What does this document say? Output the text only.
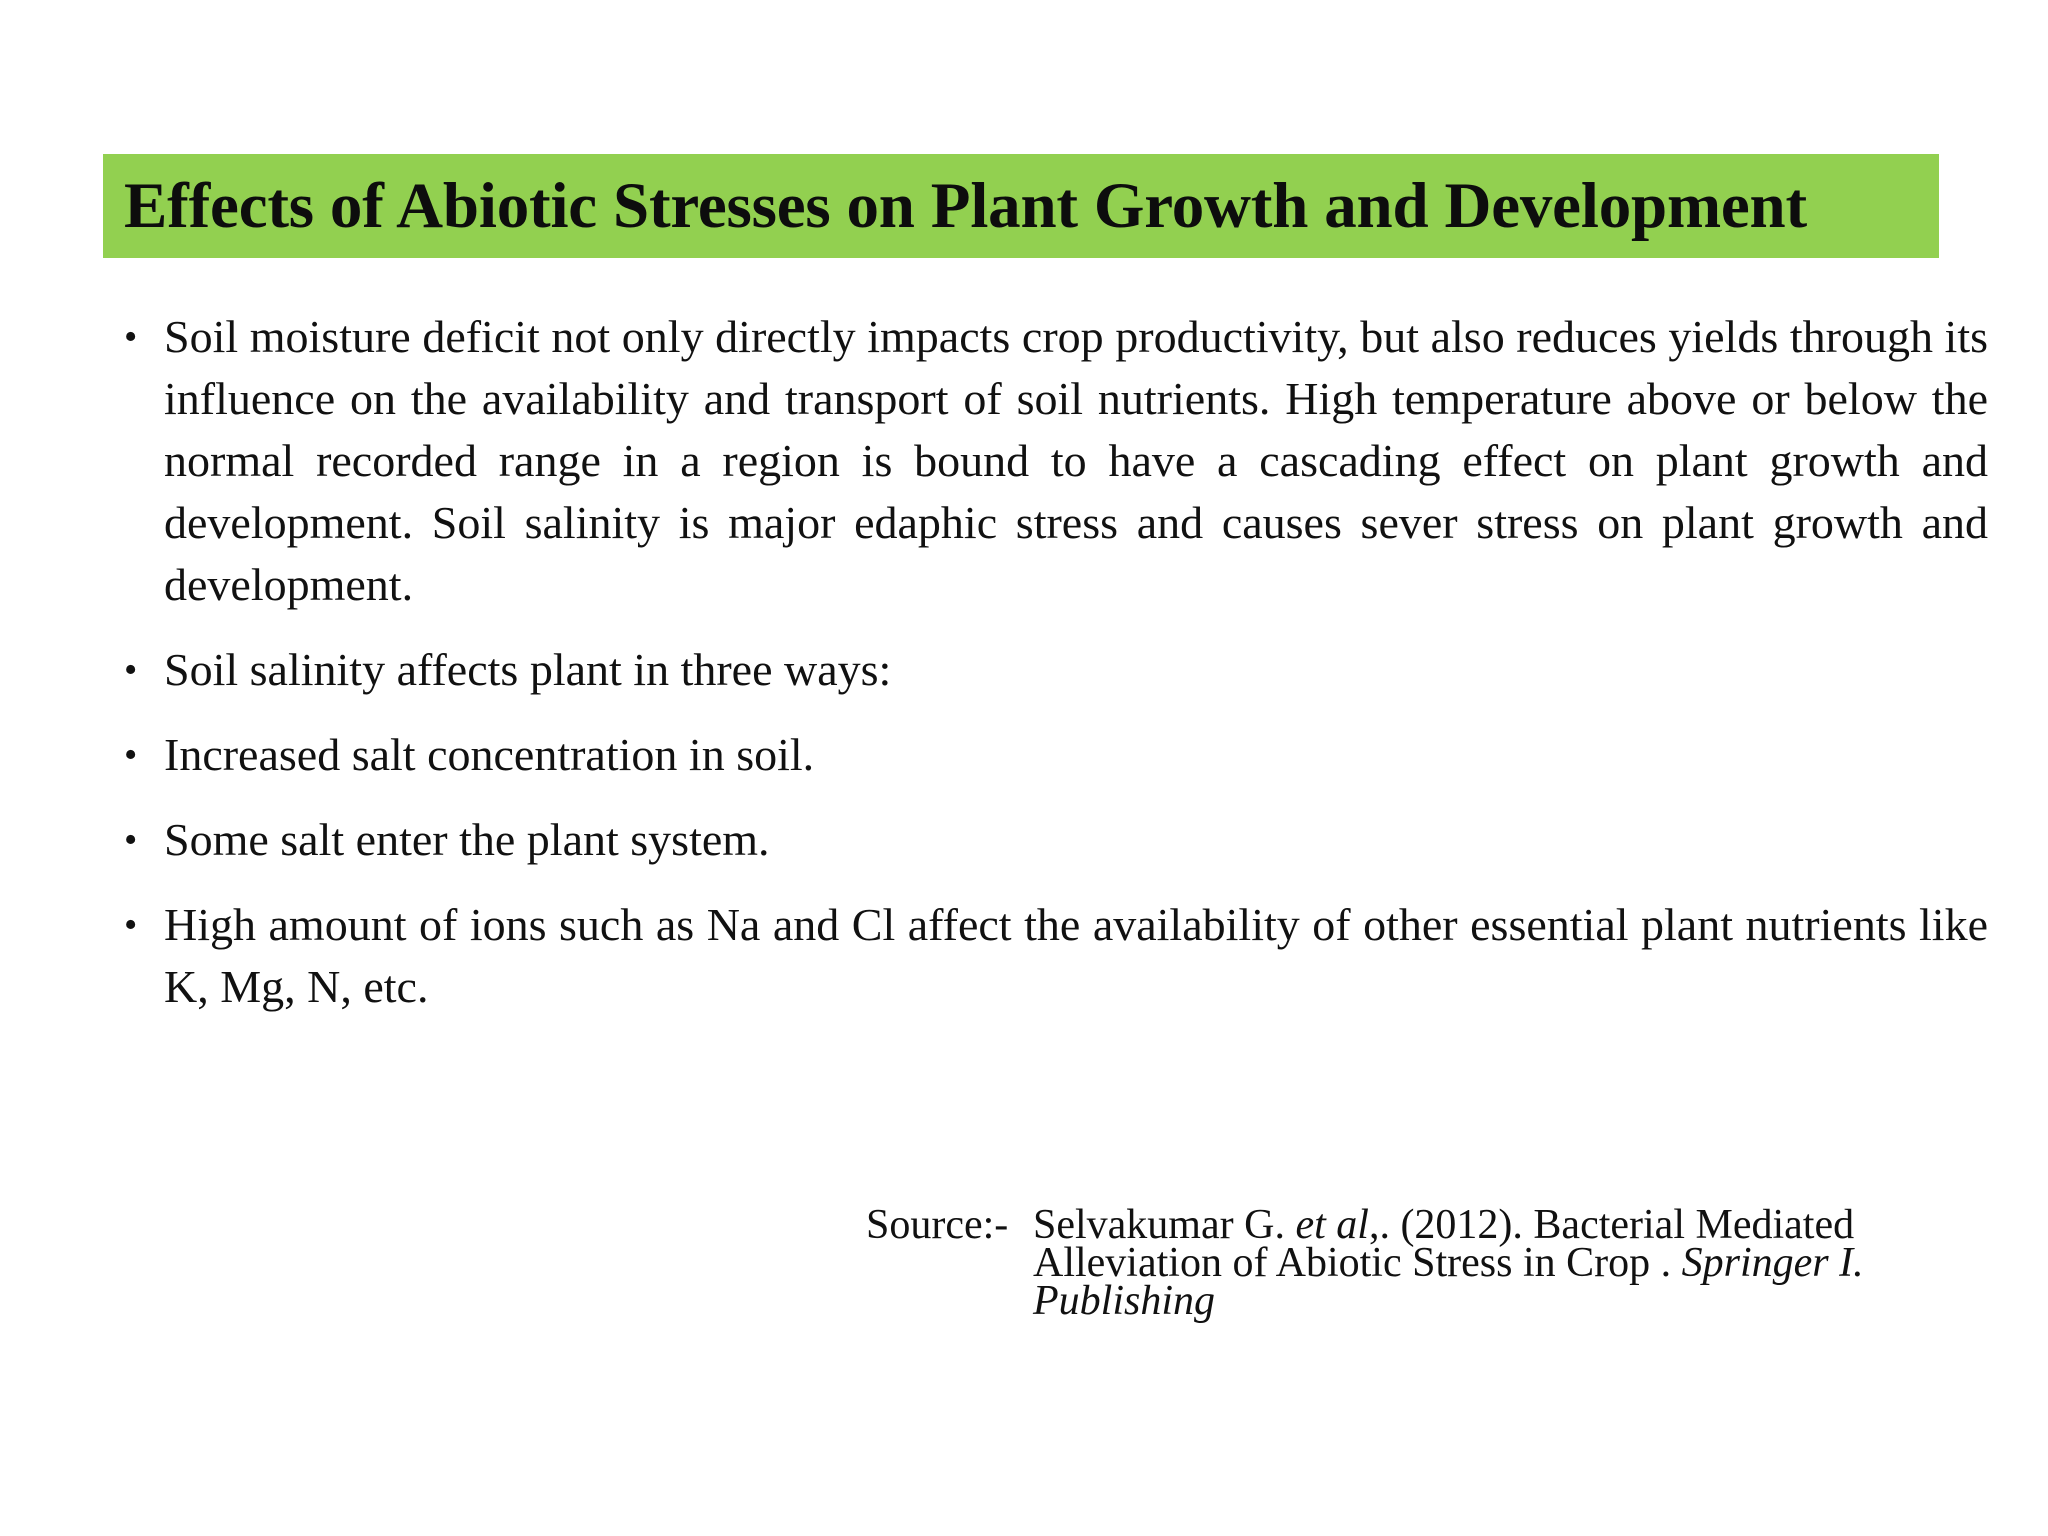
Effects of Abiotic Stresses on Plant Growth and Development
• Soil moisture deficit not only directly impacts crop productivity, but also reduces yields through its influence on the availability and transport of soil nutrients. High temperature above or below the normal recorded range in a region is bound to have a cascading effect on plant growth and development. Soil salinity is major edaphic stress and causes sever stress on plant growth and development.
• Soil salinity affects plant in three ways:
• Increased salt concentration in soil.
• Some salt enter the plant system.
• High amount of ions such as Na and Cl affect the availability of other essential plant nutrients like K, Mg, N, etc.
Source:- Selvakumar G. et al,. (2012). Bacterial Mediated Alleviation of Abiotic Stress in Crop . Springer I. Publishing
